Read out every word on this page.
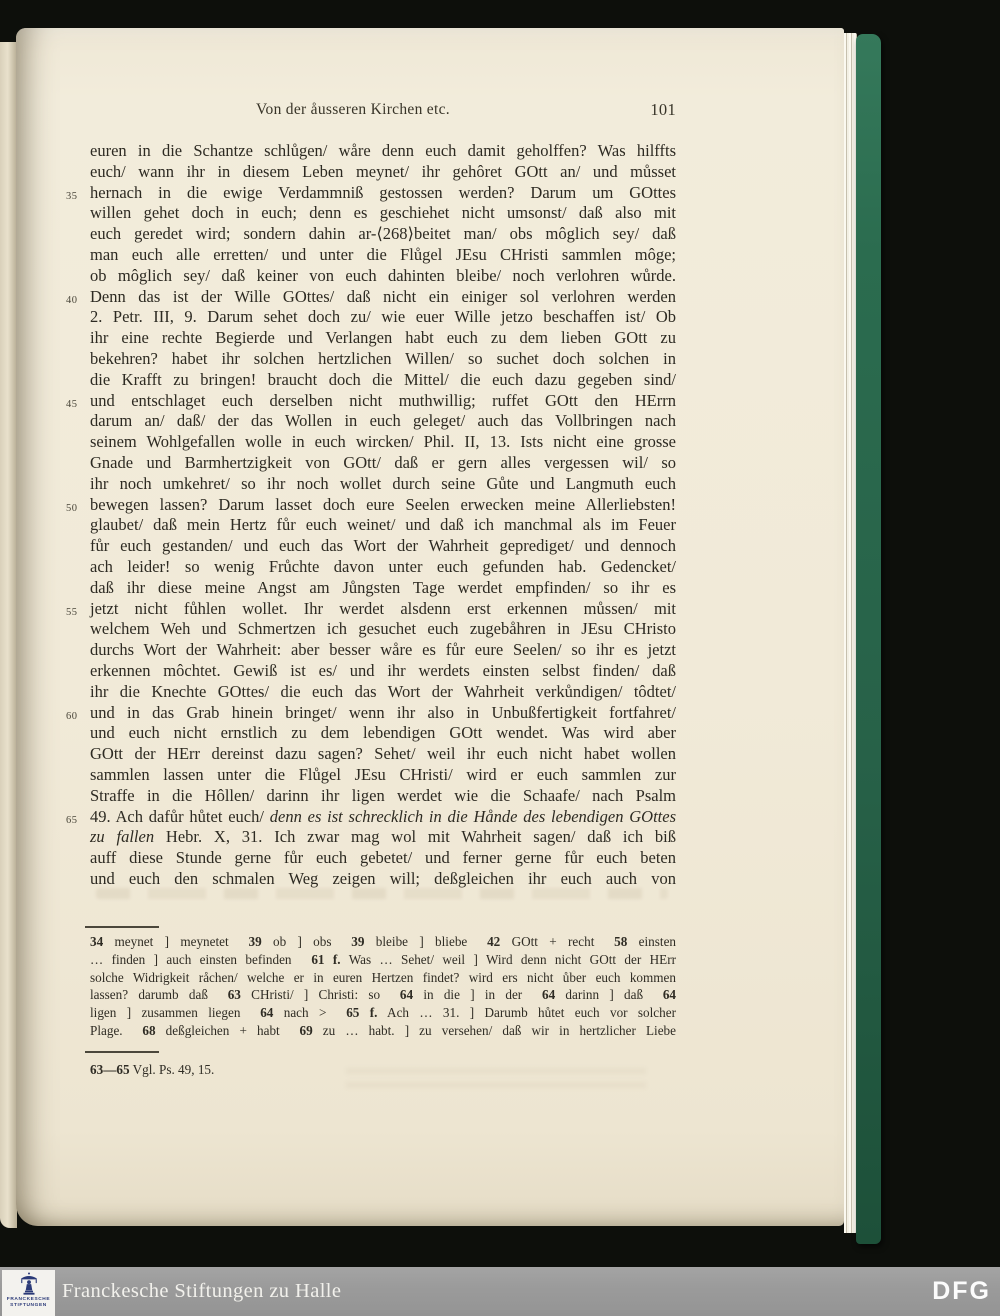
Von der åusseren Kirchen etc.	101
euren in die Schantze schlůgen/ wåre denn euch damit geholffen? Was hilffts
euch/ wann ihr in diesem Leben meynet/ ihr gehôret GOtt an/ und můsset
35 hernach in die ewige Verdammniß gestossen werden? Darum um GOttes
willen gehet doch in euch; denn es geschiehet nicht umsonst/ daß also mit
euch geredet wird; sondern dahin ar-⟨268⟩beitet man/ obs môglich sey/ daß
man euch alle erretten/ und unter die Flůgel JEsu CHristi sammlen môge;
ob môglich sey/ daß keiner von euch dahinten bleibe/ noch verlohren wůrde.
40 Denn das ist der Wille GOttes/ daß nicht ein einiger sol verlohren werden
2. Petr. III, 9. Darum sehet doch zu/ wie euer Wille jetzo beschaffen ist/ Ob
ihr eine rechte Begierde und Verlangen habt euch zu dem lieben GOtt zu
bekehren? habet ihr solchen hertzlichen Willen/ so suchet doch solchen in
die Krafft zu bringen! braucht doch die Mittel/ die euch dazu gegeben sind/
45 und entschlaget euch derselben nicht muthwillig; ruffet GOtt den HErrn
darum an/ daß/ der das Wollen in euch geleget/ auch das Vollbringen nach
seinem Wohlgefallen wolle in euch wircken/ Phil. II, 13. Ists nicht eine grosse
Gnade und Barmhertzigkeit von GOtt/ daß er gern alles vergessen wil/ so
ihr noch umkehret/ so ihr noch wollet durch seine Gůte und Langmuth euch
50 bewegen lassen? Darum lasset doch eure Seelen erwecken meine Allerliebsten!
glaubet/ daß mein Hertz fůr euch weinet/ und daß ich manchmal als im Feuer
fůr euch gestanden/ und euch das Wort der Wahrheit geprediget/ und dennoch
ach leider! so wenig Frůchte davon unter euch gefunden hab. Gedencket/
daß ihr diese meine Angst am Jůngsten Tage werdet empfinden/ so ihr es
55 jetzt nicht fůhlen wollet. Ihr werdet alsdenn erst erkennen můssen/ mit
welchem Weh und Schmertzen ich gesuchet euch zugebåhren in JEsu CHristo
durchs Wort der Wahrheit: aber besser wåre es fůr eure Seelen/ so ihr es jetzt
erkennen môchtet. Gewiß ist es/ und ihr werdets einsten selbst finden/ daß
ihr die Knechte GOttes/ die euch das Wort der Wahrheit verkůndigen/ tôdtet/
60 und in das Grab hinein bringet/ wenn ihr also in Unbußfertigkeit fortfahret/
und euch nicht ernstlich zu dem lebendigen GOtt wendet. Was wird aber
GOtt der HErr dereinst dazu sagen? Sehet/ weil ihr euch nicht habet wollen
sammlen lassen unter die Flůgel JEsu CHristi/ wird er euch sammlen zur
Straffe in die Hôllen/ darinn ihr ligen werdet wie die Schaafe/ nach Psalm
65 49. Ach dafůr hůtet euch/ denn es ist schrecklich in die Hånde des lebendigen GOttes
zu fallen Hebr. X, 31. Ich zwar mag wol mit Wahrheit sagen/ daß ich biß
auff diese Stunde gerne fůr euch gebetet/ und ferner gerne fůr euch beten
und euch den schmalen Weg zeigen will; deßgleichen ihr euch auch von
34 meynet ] meynetet  39 ob ] obs  39 bleibe ] bliebe  42 GOtt + recht  58 einsten
… finden ] auch einsten befinden  61 f. Was … Sehet/ weil ] Wird denn nicht GOtt der HErr
solche Widrigkeit råchen/ welche er in euren Hertzen findet? wird ers nicht ůber euch kommen
lassen? darumb daß  63 CHristi/ ] Christi: so  64 in die ] in der  64 darinn ] daß  64
ligen ] zusammen liegen  64 nach >  65 f. Ach … 31. ] Darumb hůtet euch vor solcher
Plage.  68 deßgleichen + habt  69 zu … habt. ] zu versehen/ daß wir in hertzlicher Liebe
63—65 Vgl. Ps. 49, 15.
FRANCKESCHE
STIFTUNGEN
Franckesche Stiftungen zu Halle	DFG
